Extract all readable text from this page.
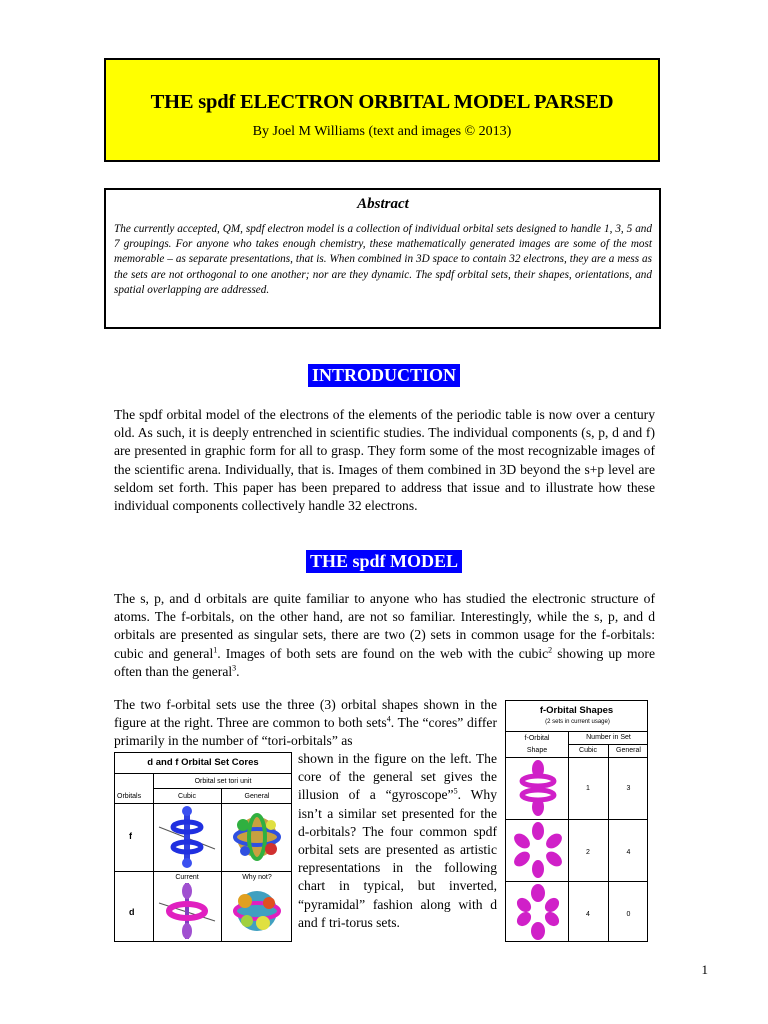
THE spdf ELECTRON ORBITAL MODEL PARSED
By Joel M Williams (text and images © 2013)
Abstract

The currently accepted, QM, spdf electron model is a collection of individual orbital sets designed to handle 1, 3, 5 and 7 groupings. For anyone who takes enough chemistry, these mathematically generated images are some of the most memorable – as separate presentations, that is. When combined in 3D space to contain 32 electrons, they are a mess as the sets are not orthogonal to one another; nor are they dynamic. The spdf orbital sets, their shapes, orientations, and spatial overlapping are addressed.

INTRODUCTION
The spdf orbital model of the electrons of the elements of the periodic table is now over a century old. As such, it is deeply entrenched in scientific studies. The individual components (s, p, d and f) are presented in graphic form for all to grasp. They form some of the most recognizable images of the scientific arena. Individually, that is. Images of them combined in 3D beyond the s+p level are seldom set forth. This paper has been prepared to address that issue and to illustrate how these individual components collectively handle 32 electrons.
THE spdf MODEL
The s, p, and d orbitals are quite familiar to anyone who has studied the electronic structure of atoms. The f-orbitals, on the other hand, are not so familiar. Interestingly, while the s, p, and d orbitals are presented as singular sets, there are two (2) sets in common usage for the f-orbitals: cubic and general$^1$. Images of both sets are found on the web with the cubic$^2$ showing up more often than the general$^3$.
The two f-orbital sets use the three (3) orbital shapes shown in the figure at the right. Three are common to both sets$^4$. The “cores” differ primarily in the number of “tori-orbitals” as
shown in the figure on the left. The core of the general set gives the illusion of a “gyroscope”$^5$. Why isn’t a similar set presented for the d-orbitals? The four common spdf orbital sets are presented as artistic representations in the following chart in typical, but inverted, “pyramidal” fashion along with d and f tri-torus sets.
d and f Orbital Set Cores
Orbital set tori unit
Orbitals	Cubic	General
f
d
Current	Why not?
f-Orbital Shapes
(2 sets in current usage)
f-Orbital
Shape
Number in Set
Cubic	General
1	3
2	4
4	0
1
